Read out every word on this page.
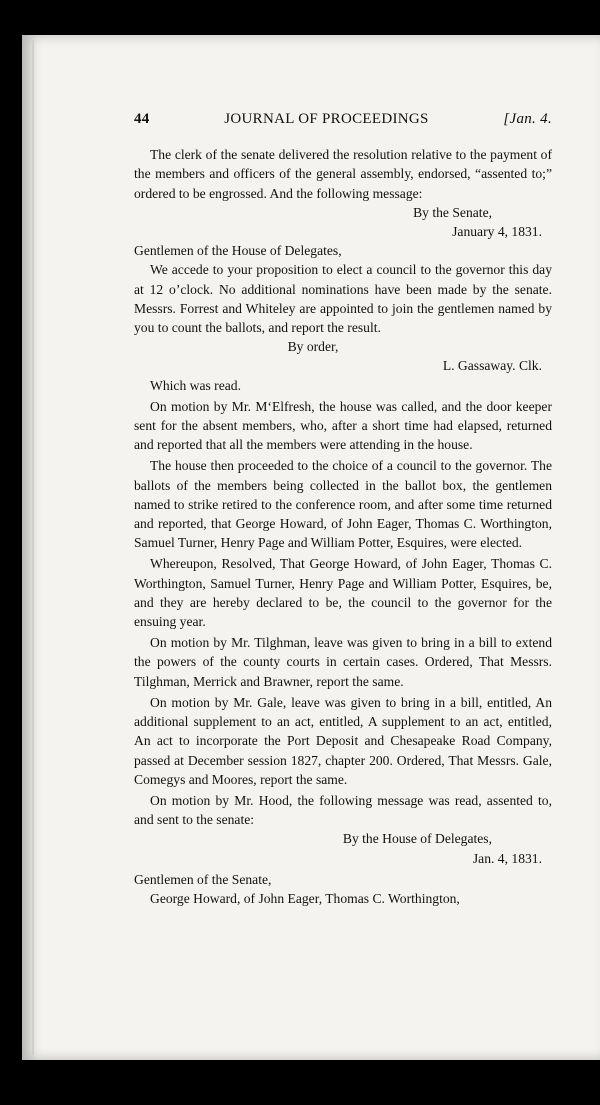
44	JOURNAL OF PROCEEDINGS	[Jan. 4.

The clerk of the senate delivered the resolution relative to the payment of the members and officers of the general assembly, endorsed, “assented to;” ordered to be engrossed. And the following message:

By the Senate,

January 4, 1831.

Gentlemen of the House of Delegates,

We accede to your proposition to elect a council to the governor this day at 12 o’clock. No additional nominations have been made by the senate. Messrs. Forrest and Whiteley are appointed to join the gentlemen named by you to count the ballots, and report the result.

By order,

L. Gassaway. Clk.

Which was read.

On motion by Mr. M‘Elfresh, the house was called, and the door keeper sent for the absent members, who, after a short time had elapsed, returned and reported that all the members were attending in the house.

The house then proceeded to the choice of a council to the governor. The ballots of the members being collected in the ballot box, the gentlemen named to strike retired to the conference room, and after some time returned and reported, that George Howard, of John Eager, Thomas C. Worthington, Samuel Turner, Henry Page and William Potter, Esquires, were elected.

Whereupon, Resolved, That George Howard, of John Eager, Thomas C. Worthington, Samuel Turner, Henry Page and William Potter, Esquires, be, and they are hereby declared to be, the council to the governor for the ensuing year.

On motion by Mr. Tilghman, leave was given to bring in a bill to extend the powers of the county courts in certain cases. Ordered, That Messrs. Tilghman, Merrick and Brawner, report the same.

On motion by Mr. Gale, leave was given to bring in a bill, entitled, An additional supplement to an act, entitled, A supplement to an act, entitled, An act to incorporate the Port Deposit and Chesapeake Road Company, passed at December session 1827, chapter 200. Ordered, That Messrs. Gale, Comegys and Moores, report the same.

On motion by Mr. Hood, the following message was read, assented to, and sent to the senate:

By the House of Delegates,

Jan. 4, 1831.

Gentlemen of the Senate,

George Howard, of John Eager, Thomas C. Worthington,
